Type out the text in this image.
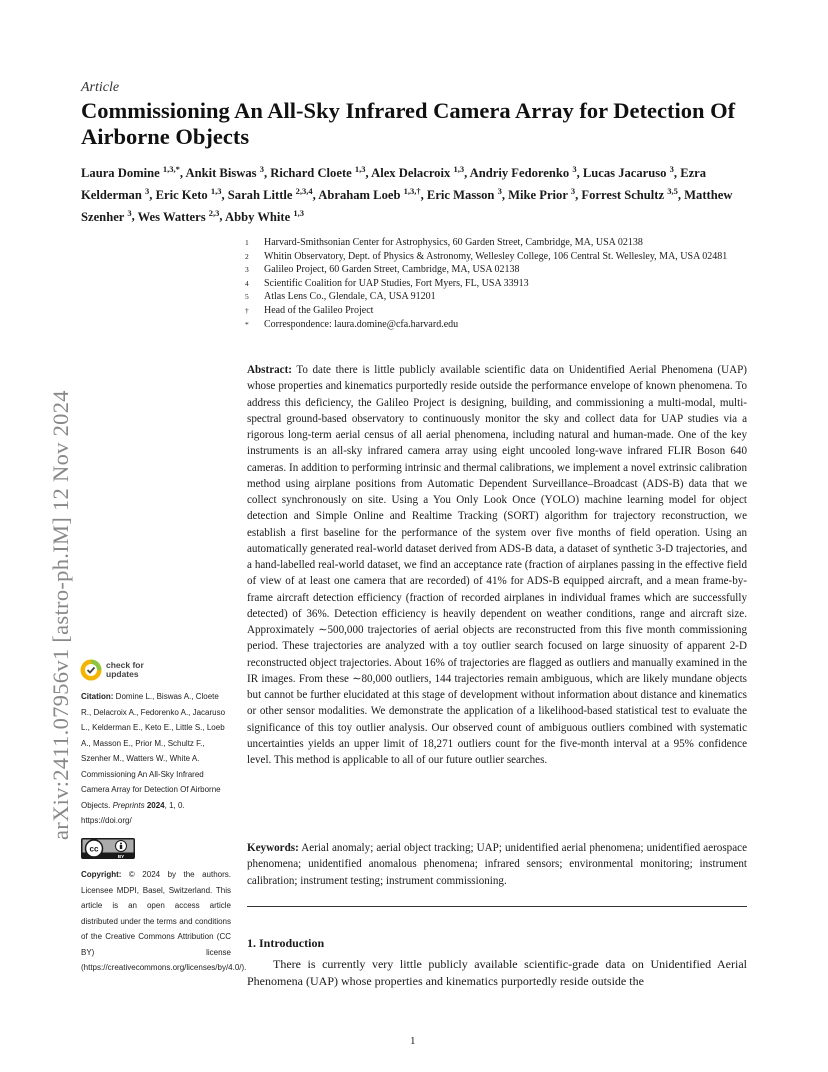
Article
Commissioning An All-Sky Infrared Camera Array for Detection Of Airborne Objects
Laura Domine $^{1,3,*}$, Ankit Biswas $^3$, Richard Cloete $^{1,3}$, Alex Delacroix $^{1,3}$, Andriy Fedorenko $^3$, Lucas Jacaruso $^3$, Ezra Kelderman $^3$, Eric Keto $^{1,3}$, Sarah Little $^{2,3,4}$, Abraham Loeb $^{1,3,\dagger}$, Eric Masson $^3$, Mike Prior $^3$, Forrest Schultz $^{3,5}$, Matthew Szenher $^3$, Wes Watters $^{2,3}$, Abby White $^{1,3}$
1	Harvard-Smithsonian Center for Astrophysics, 60 Garden Street, Cambridge, MA, USA 02138
2	Whitin Observatory, Dept. of Physics & Astronomy, Wellesley College, 106 Central St. Wellesley, MA, USA 02481
3	Galileo Project, 60 Garden Street, Cambridge, MA, USA 02138
4	Scientific Coalition for UAP Studies, Fort Myers, FL, USA 33913
5	Atlas Lens Co., Glendale, CA, USA 91201
†	Head of the Galileo Project
*	Correspondence: laura.domine@cfa.harvard.edu
Abstract: To date there is little publicly available scientific data on Unidentified Aerial Phenomena (UAP) whose properties and kinematics purportedly reside outside the performance envelope of known phenomena. To address this deficiency, the Galileo Project is designing, building, and commissioning a multi-modal, multi-spectral ground-based observatory to continuously monitor the sky and collect data for UAP studies via a rigorous long-term aerial census of all aerial phenomena, including natural and human-made. One of the key instruments is an all-sky infrared camera array using eight uncooled long-wave infrared FLIR Boson 640 cameras. In addition to performing intrinsic and thermal calibrations, we implement a novel extrinsic calibration method using airplane positions from Automatic Dependent Surveillance–Broadcast (ADS-B) data that we collect synchronously on site. Using a You Only Look Once (YOLO) machine learning model for object detection and Simple Online and Realtime Tracking (SORT) algorithm for trajectory reconstruction, we establish a first baseline for the performance of the system over five months of field operation. Using an automatically generated real-world dataset derived from ADS-B data, a dataset of synthetic 3-D trajectories, and a hand-labelled real-world dataset, we find an acceptance rate (fraction of airplanes passing in the effective field of view of at least one camera that are recorded) of 41% for ADS-B equipped aircraft, and a mean frame-by-frame aircraft detection efficiency (fraction of recorded airplanes in individual frames which are successfully detected) of 36%. Detection efficiency is heavily dependent on weather conditions, range and aircraft size. Approximately ∼500,000 trajectories of aerial objects are reconstructed from this five month commissioning period. These trajectories are analyzed with a toy outlier search focused on large sinuosity of apparent 2-D reconstructed object trajectories. About 16% of trajectories are flagged as outliers and manually examined in the IR images. From these ∼80,000 outliers, 144 trajectories remain ambiguous, which are likely mundane objects but cannot be further elucidated at this stage of development without information about distance and kinematics or other sensor modalities. We demonstrate the application of a likelihood-based statistical test to evaluate the significance of this toy outlier analysis. Our observed count of ambiguous outliers combined with systematic uncertainties yields an upper limit of 18,271 outliers count for the five-month interval at a 95% confidence level. This method is applicable to all of our future outlier searches.
Keywords: Aerial anomaly; aerial object tracking; UAP; unidentified aerial phenomena; unidentified aerospace phenomena; unidentified anomalous phenomena; infrared sensors; environmental monitoring; instrument calibration; instrument testing; instrument commissioning.
1. Introduction
There is currently very little publicly available scientific-grade data on Unidentified Aerial Phenomena (UAP) whose properties and kinematics purportedly reside outside the
1
arXiv:2411.07956v1 [astro-ph.IM] 12 Nov 2024	check for
updates
Citation: Domine L., Biswas A., Cloete R., Delacroix A., Fedorenko A., Jacaruso L., Kelderman E., Keto E., Little S., Loeb A., Masson E., Prior M., Schultz F., Szenher M., Watters W., White A. Commissioning An All-Sky Infrared Camera Array for Detection Of Airborne Objects. Preprints 2024, 1, 0. https://doi.org/
cc
BY
Copyright: © 2024 by the authors. Licensee MDPI, Basel, Switzerland. This article is an open access article distributed under the terms and conditions of the Creative Commons Attribution (CC BY) license (https://creativecommons.org/licenses/by/4.0/).
